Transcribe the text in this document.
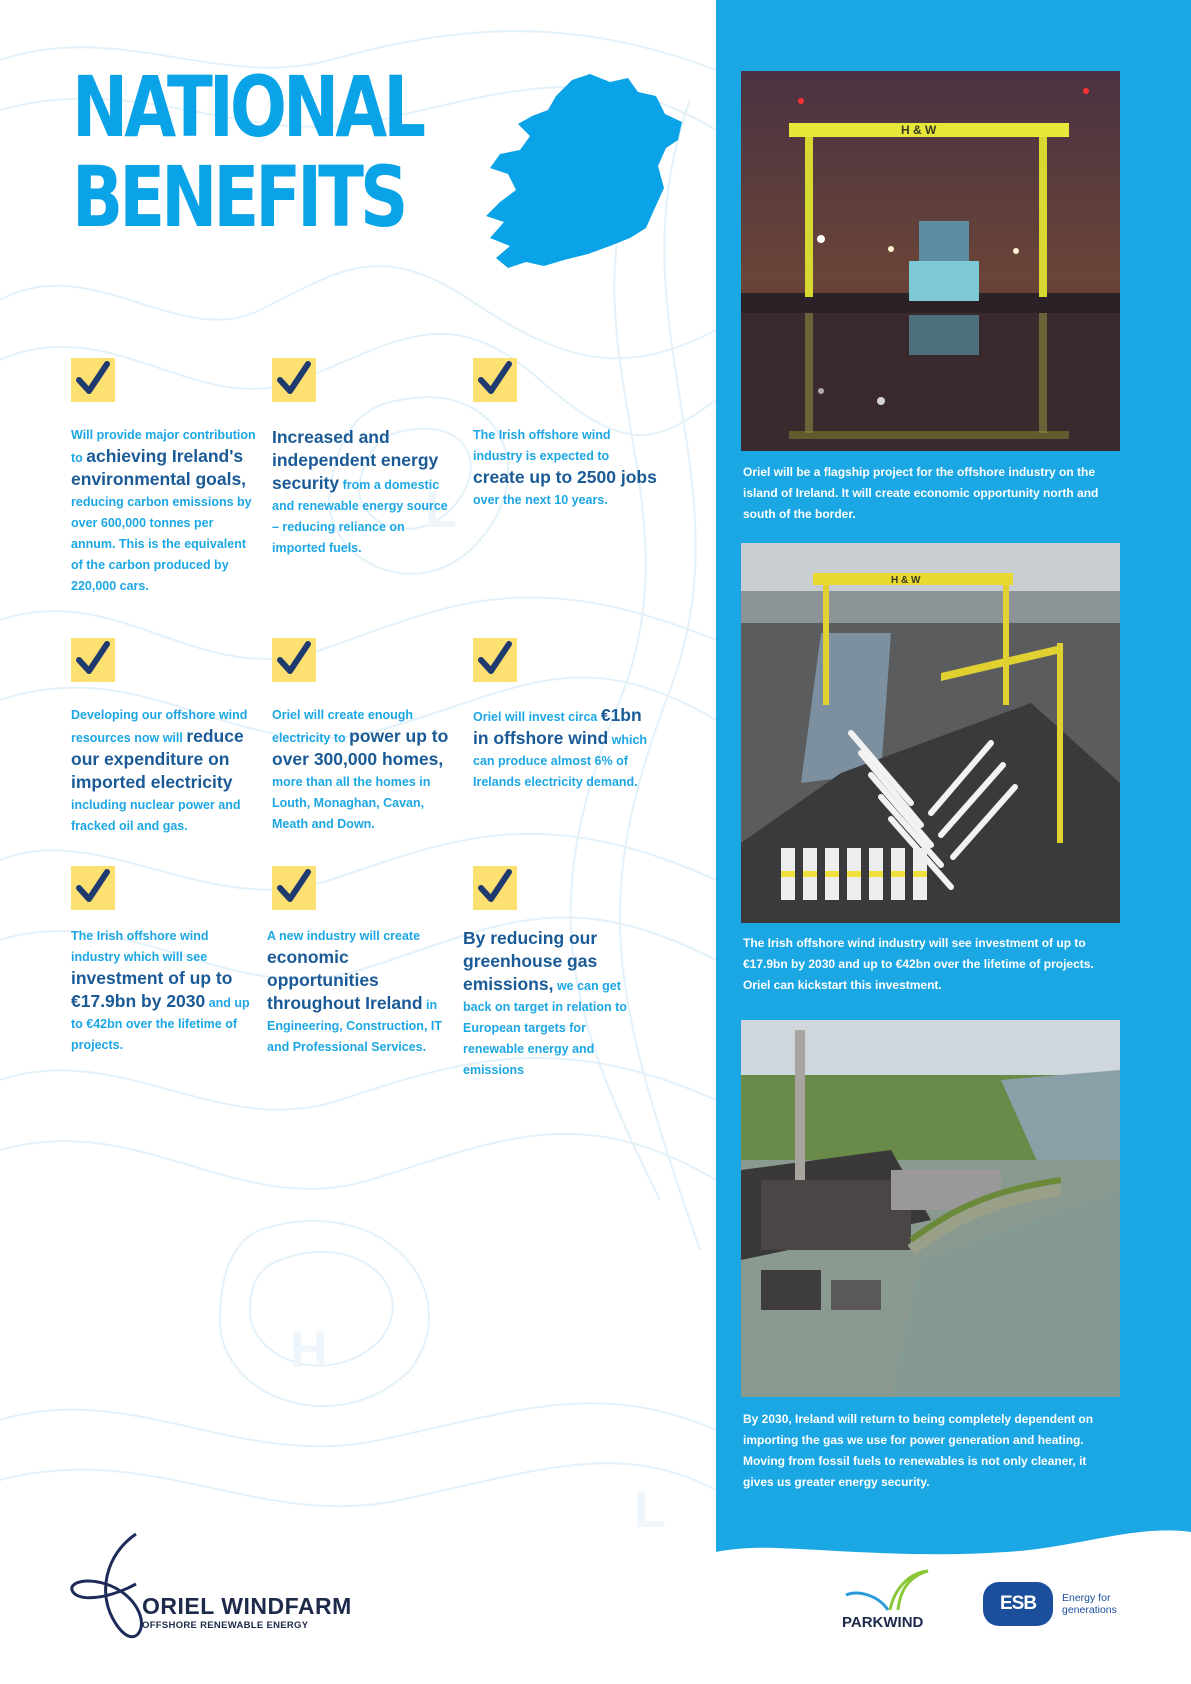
L
H
L
NATIONAL
BENEFITS
Will provide major contribution to achieving Ireland's environmental goals, reducing carbon emissions by over 600,000 tonnes per annum. This is the equivalent of the carbon produced by 220,000 cars.
Increased and independent energy security from a domestic and renewable energy source – reducing reliance on imported fuels.
The Irish offshore wind industry is expected to create up to 2500 jobs over the next 10 years.
Developing our offshore wind resources now will reduce our expenditure on imported electricity including nuclear power and fracked oil and gas.
Oriel will create enough electricity to power up to over 300,000 homes, more than all the homes in Louth, Monaghan, Cavan, Meath and Down.
Oriel will invest circa €1bn in offshore wind which can produce almost 6% of Irelands electricity demand.
The Irish offshore wind industry which will see investment of up to €17.9bn by 2030 and up to €42bn over the lifetime of projects.
A new industry will create economic opportunities throughout Ireland in Engineering, Construction, IT and Professional Services.
By reducing our greenhouse gas emissions, we can get back on target in relation to European targets for renewable energy and emissions
H & W
Oriel will be a flagship project for the offshore industry on the island of Ireland. It will create economic opportunity north and south of the border.
H & W
The Irish offshore wind industry will see investment of up to €17.9bn by 2030 and up to €42bn over the lifetime of projects. Oriel can kickstart this investment.
By 2030, Ireland will return to being completely dependent on importing the gas we use for power generation and heating. Moving from fossil fuels to renewables is not only cleaner, it gives us greater energy security.
ORIEL WINDFARM
OFFSHORE RENEWABLE ENERGY	PARKWIND
ESB Energy for generations
